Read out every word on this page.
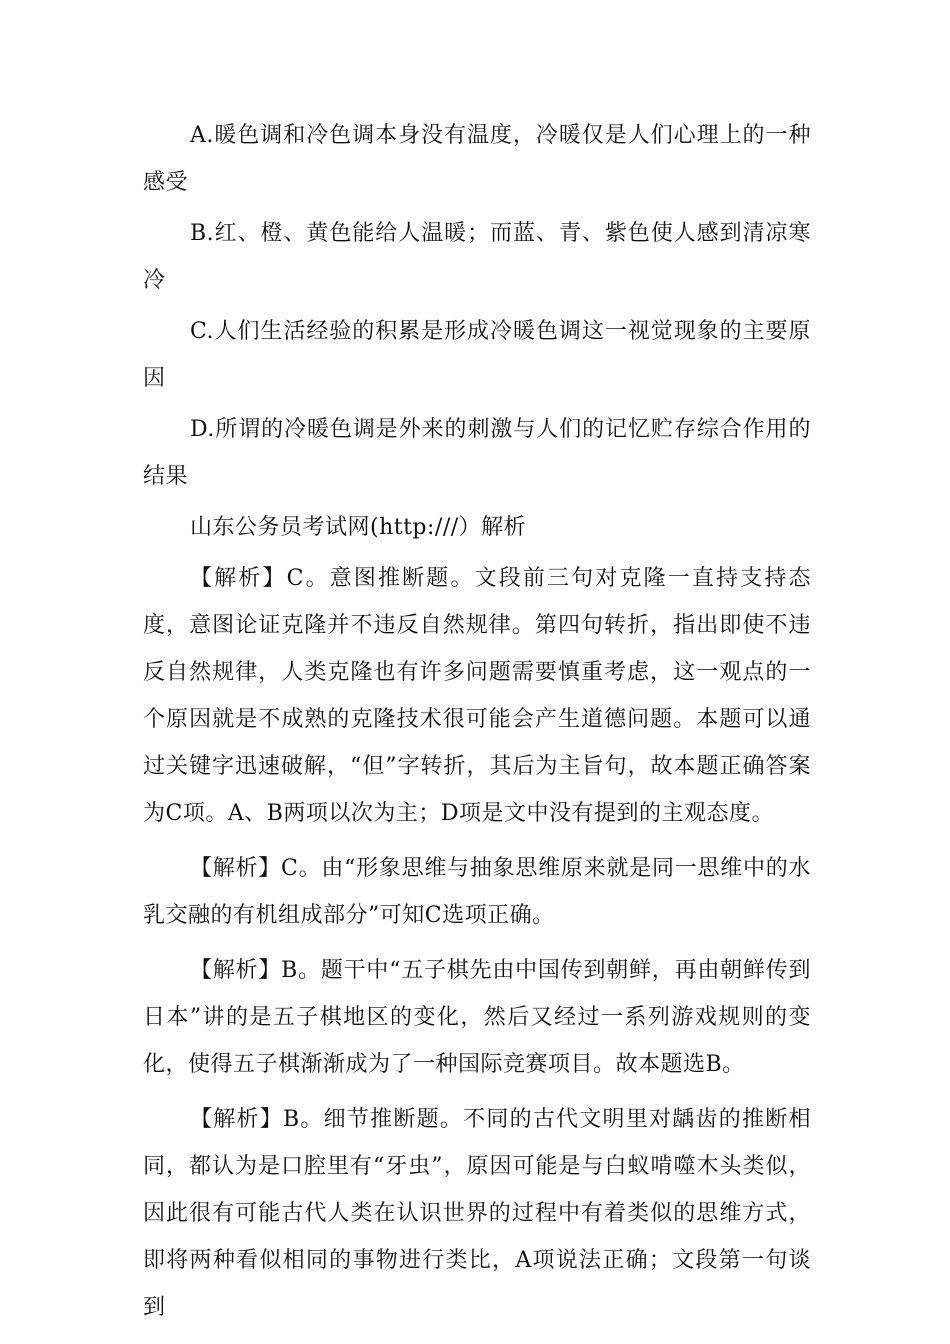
A.暖色调和冷色调本身没有温度，冷暖仅是人们心理上的一种感受

B.红、橙、黄色能给人温暖；而蓝、青、紫色使人感到清凉寒冷

C.人们生活经验的积累是形成冷暖色调这一视觉现象的主要原因

D.所谓的冷暖色调是外来的刺激与人们的记忆贮存综合作用的结果

山东公务员考试网(http:///）解析

【解析】C。意图推断题。文段前三句对克隆一直持支持态度，意图论证克隆并不违反自然规律。第四句转折，指出即使不违反自然规律，人类克隆也有许多问题需要慎重考虑，这一观点的一个原因就是不成熟的克隆技术很可能会产生道德问题。本题可以通过关键字迅速破解，“但”字转折，其后为主旨句，故本题正确答案为C项。A、B两项以次为主；D项是文中没有提到的主观态度。

【解析】C。由“形象思维与抽象思维原来就是同一思维中的水乳交融的有机组成部分”可知C选项正确。

【解析】B。题干中“五子棋先由中国传到朝鲜，再由朝鲜传到日本”讲的是五子棋地区的变化，然后又经过一系列游戏规则的变化，使得五子棋渐渐成为了一种国际竞赛项目。故本题选B。

【解析】B。细节推断题。不同的古代文明里对龋齿的推断相同，都认为是口腔里有“牙虫”，原因可能是与白蚁啃噬木头类似，因此很有可能古代人类在认识世界的过程中有着类似的思维方式，即将两种看似相同的事物进行类比，A项说法正确；文段第一句谈到
